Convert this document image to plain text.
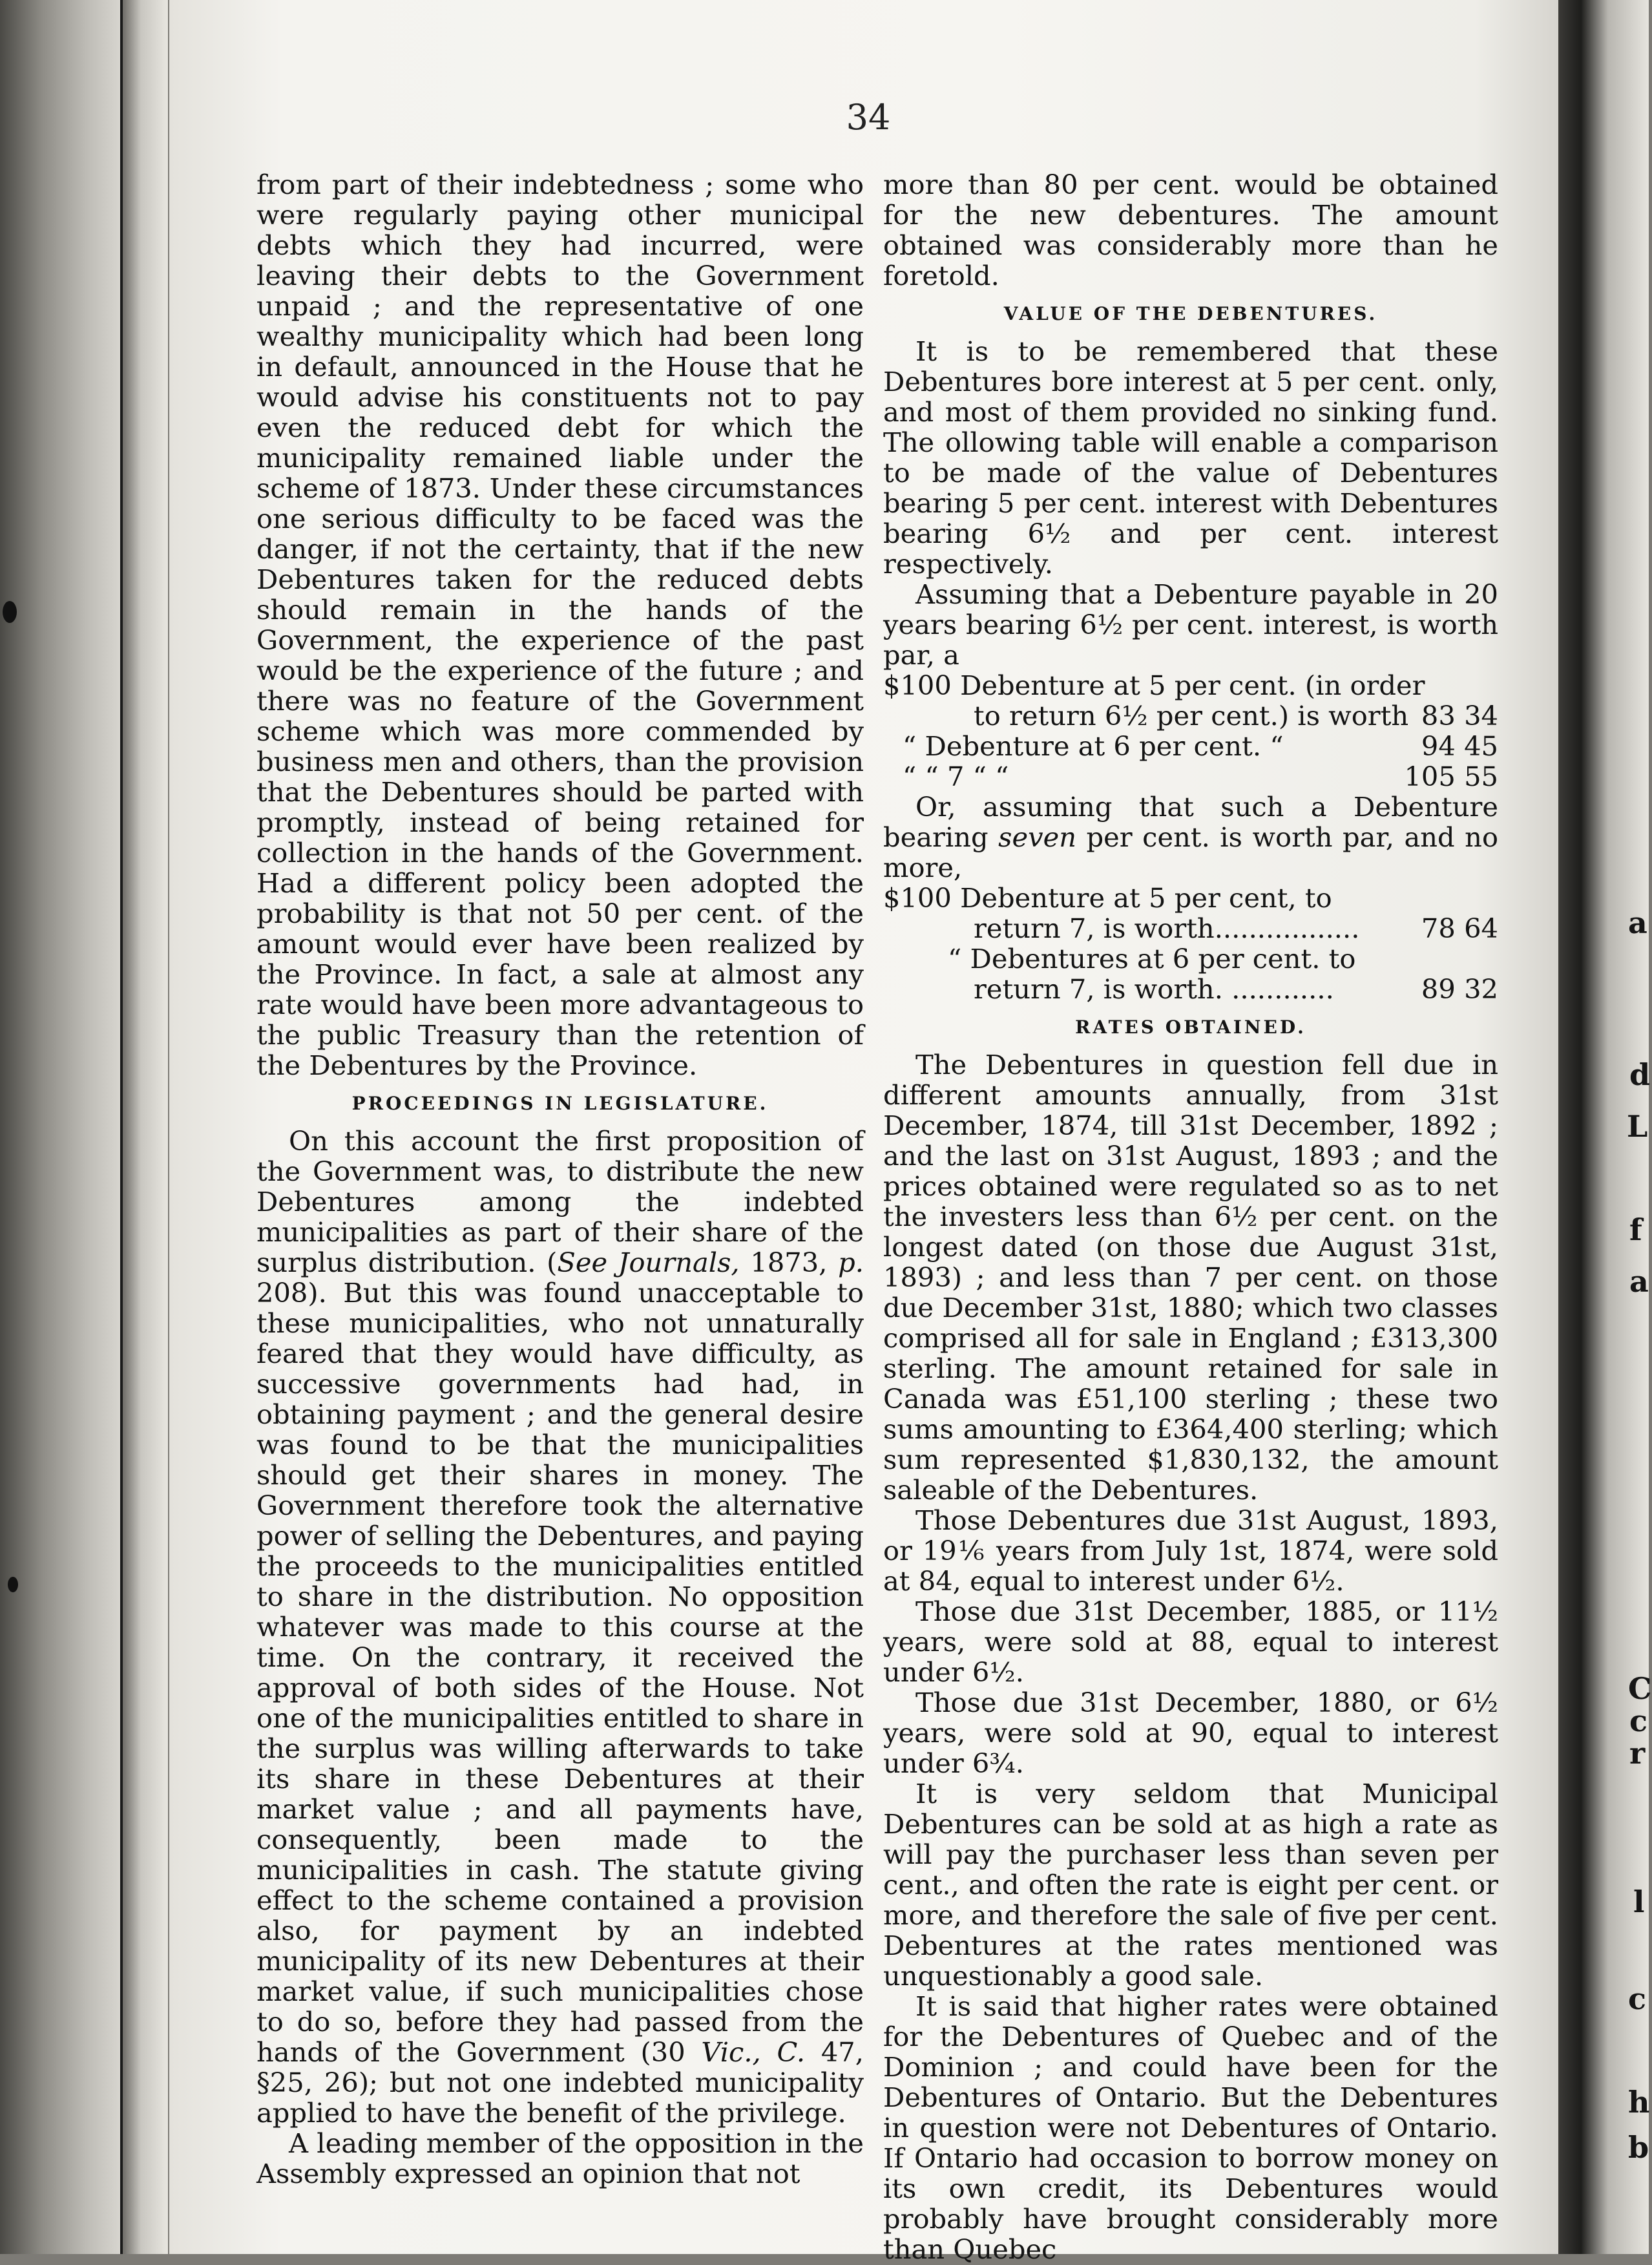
a
d
L
f
a
C
c
r
l
c
h
b
34

from part of their indebtedness ; some who were regularly paying other municipal debts which they had incurred, were leaving their debts to the Government unpaid ; and the representative of one wealthy municipality which had been long in default, announced in the House that he would advise his constituents not to pay even the reduced debt for which the municipality remained liable under the scheme of 1873. Under these circumstances one serious difficulty to be faced was the danger, if not the certainty, that if the new Debentures taken for the reduced debts should remain in the hands of the Government, the experience of the past would be the experience of the future ; and there was no feature of the Government scheme which was more commended by business men and others, than the provision that the Debentures should be parted with promptly, instead of being retained for collection in the hands of the Government. Had a different policy been adopted the probability is that not 50 per cent. of the amount would ever have been realized by the Province. In fact, a sale at almost any rate would have been more advantageous to the public Treasury than the retention of the Debentures by the Province.

PROCEEDINGS IN LEGISLATURE.

On this account the first proposition of the Government was, to distribute the new Debentures among the indebted municipalities as part of their share of the surplus distribution. (See Journals, 1873, p. 208). But this was found unacceptable to these municipalities, who not unnaturally feared that they would have difficulty, as successive governments had had, in obtaining payment ; and the general desire was found to be that the municipalities should get their shares in money. The Government therefore took the alternative power of selling the Debentures, and paying the proceeds to the municipalities entitled to share in the distribution. No opposition whatever was made to this course at the time. On the contrary, it received the approval of both sides of the House. Not one of the municipalities entitled to share in the surplus was willing afterwards to take its share in these Debentures at their market value ; and all payments have, consequently, been made to the municipalities in cash. The statute giving effect to the scheme contained a provision also, for payment by an indebted municipality of its new Debentures at their market value, if such municipalities chose to do so, before they had passed from the hands of the Government (30 Vic., C. 47, §25, 26); but not one indebted municipality applied to have the benefit of the privilege.

A leading member of the opposition in the Assembly expressed an opinion that not

more than 80 per cent. would be obtained for the new debentures. The amount obtained was considerably more than he foretold.

VALUE OF THE DEBENTURES.

It is to be remembered that these Debentures bore interest at 5 per cent. only, and most of them provided no sinking fund. The ollowing table will enable a comparison to be made of the value of Debentures bearing 5 per cent. interest with Debentures bearing 6½ and per cent. interest respectively.

Assuming that a Debenture payable in 20 years bearing 6½ per cent. interest, is worth par, a

$100 Debenture at 5 per cent. (in order
to return 6½ per cent.) is worth 83 34
“ Debenture at 6 per cent. “	94 45
“ “ 7 “ “	105 55

Or, assuming that such a Debenture bearing seven per cent. is worth par, and no more,

$100 Debenture at 5 per cent, to
return 7, is worth................. 78 64
“ Debentures at 6 per cent. to
return 7, is worth. ............	89 32
RATES OBTAINED.

The Debentures in question fell due in different amounts annually, from 31st December, 1874, till 31st December, 1892 ; and the last on 31st August, 1893 ; and the prices obtained were regulated so as to net the investers less than 6½ per cent. on the longest dated (on those due August 31st, 1893) ; and less than 7 per cent. on those due December 31st, 1880; which two classes comprised all for sale in England ; £313,300 sterling. The amount retained for sale in Canada was £51,100 sterling ; these two sums amounting to £364,400 sterling; which sum represented $1,830,132, the amount saleable of the Debentures.

Those Debentures due 31st August, 1893, or 19⅙ years from July 1st, 1874, were sold at 84, equal to interest under 6½.

Those due 31st December, 1885, or 11½ years, were sold at 88, equal to interest under 6½.

Those due 31st December, 1880, or 6½ years, were sold at 90, equal to interest under 6¾.

It is very seldom that Municipal Debentures can be sold at as high a rate as will pay the purchaser less than seven per cent., and often the rate is eight per cent. or more, and therefore the sale of five per cent. Debentures at the rates mentioned was unquestionably a good sale.

It is said that higher rates were obtained for the Debentures of Quebec and of the Dominion ; and could have been for the Debentures of Ontario. But the Debentures in question were not Debentures of Ontario. If Ontario had occasion to borrow money on its own credit, its Debentures would probably have brought considerably more than Quebec
